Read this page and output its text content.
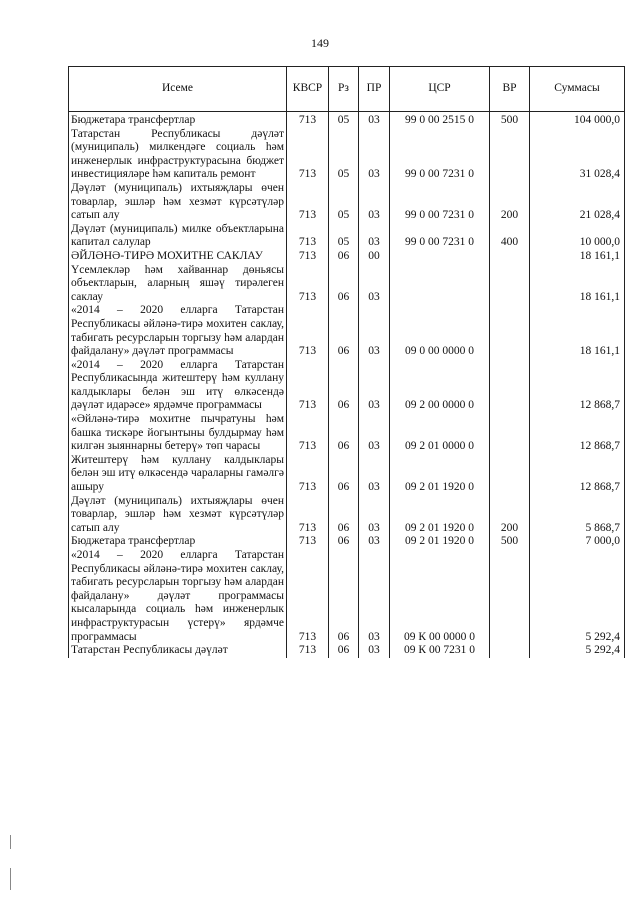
149
Исеме	КВСР	Рз	ПР	ЦСР	ВР	Суммасы
Бюджетара трансфертлар	713	05	03	99 0 00 2515 0	500	104 000,0
Татарстан Республикасы дәүләт (муниципаль) милкендәге социаль һәм инженерлык инфраструктурасына бюджет инвестицияләре һәм капиталь ремонт	713	05	03	99 0 00 7231 0		31 028,4
Дәүләт (муниципаль) ихтыяҗлары өчен товарлар, эшләр һәм хезмәт күрсәтүләр сатып алу	713	05	03	99 0 00 7231 0	200	21 028,4
Дәүләт (муниципаль) милке объектларына капитал салулар	713	05	03	99 0 00 7231 0	400	10 000,0
ӘЙЛӘНӘ-ТИРӘ МОХИТНЕ САКЛАУ	713	06	00			18 161,1
Үсемлекләр һәм хайваннар дөньясы объектларын, аларның яшәү тирәлеген саклау	713	06	03			18 161,1
«2014 – 2020 елларга Татарстан Республикасы әйләнә-тирә мохитен саклау, табигать ресурсларын торгызу һәм алардан файдалану» дәүләт программасы	713	06	03	09 0 00 0000 0		18 161,1
«2014 – 2020 елларга Татарстан Республикасында житештерү һәм куллану калдыклары белән эш итү өлкәсендә дәүләт идарәсе» ярдәмче программасы	713	06	03	09 2 00 0000 0		12 868,7
«Әйләнә-тирә мохитне пычратуны һәм башка тискәре йогынтыны булдырмау һәм килгән зыяннарны бетерү» төп чарасы	713	06	03	09 2 01 0000 0		12 868,7
Житештерү һәм куллану калдыклары белән эш итү өлкәсендә чараларны гамәлгә ашыру	713	06	03	09 2 01 1920 0		12 868,7
Дәүләт (муниципаль) ихтыяҗлары өчен товарлар, эшләр һәм хезмәт күрсәтүләр сатып алу	713	06	03	09 2 01 1920 0	200	5 868,7
Бюджетара трансфертлар	713	06	03	09 2 01 1920 0	500	7 000,0
«2014 – 2020 елларга Татарстан Республикасы әйләнә-тирә мохитен саклау, табигать ресурсларын торгызу һәм алардан файдалану» дәүләт программасы кысаларында социаль һәм инженерлык инфраструктурасын үстерү» ярдәмче программасы	713	06	03	09 К 00 0000 0		5 292,4
Татарстан Республикасы дәүләт	713	06	03	09 К 00 7231 0		5 292,4
